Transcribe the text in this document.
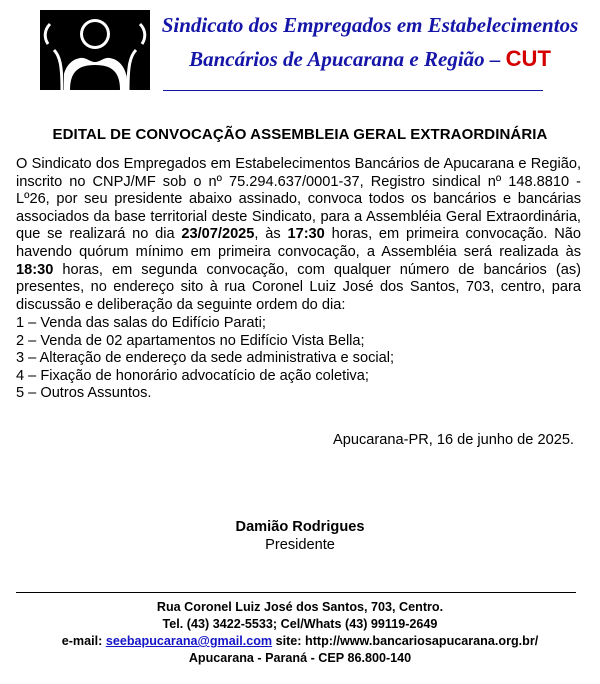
Sindicato dos Empregados em Estabelecimentos
Bancários de Apucarana e Região – CUT
EDITAL DE CONVOCAÇÃO ASSEMBLEIA GERAL EXTRAORDINÁRIA

O Sindicato dos Empregados em Estabelecimentos Bancários de Apucarana e Região, inscrito no CNPJ/MF sob o nº 75.294.637/0001-37, Registro sindical nº 148.8810 - Lº26, por seu presidente abaixo assinado, convoca todos os bancários e bancárias associados da base territorial deste Sindicato, para a Assembléia Geral Extraordinária, que se realizará no dia 23/07/2025, às 17:30 horas, em primeira convocação. Não havendo quórum mínimo em primeira convocação, a Assembléia será realizada às 18:30 horas, em segunda convocação, com qualquer número de bancários (as) presentes, no endereço sito à rua Coronel Luiz José dos Santos, 703, centro, para discussão e deliberação da seguinte ordem do dia:

1 – Venda das salas do Edifício Parati;
2 – Venda de 02 apartamentos no Edifício Vista Bella;
3 – Alteração de endereço da sede administrativa e social;
4 – Fixação de honorário advocatício de ação coletiva;
5 – Outros Assuntos.
Apucarana-PR, 16 de junho de 2025.
Damião Rodrigues
Presidente
Rua Coronel Luiz José dos Santos, 703, Centro.
Tel. (43) 3422-5533; Cel/Whats (43) 99119-2649
e-mail: seebapucarana@gmail.com site: http://www.bancariosapucarana.org.br/
Apucarana - Paraná - CEP 86.800-140
